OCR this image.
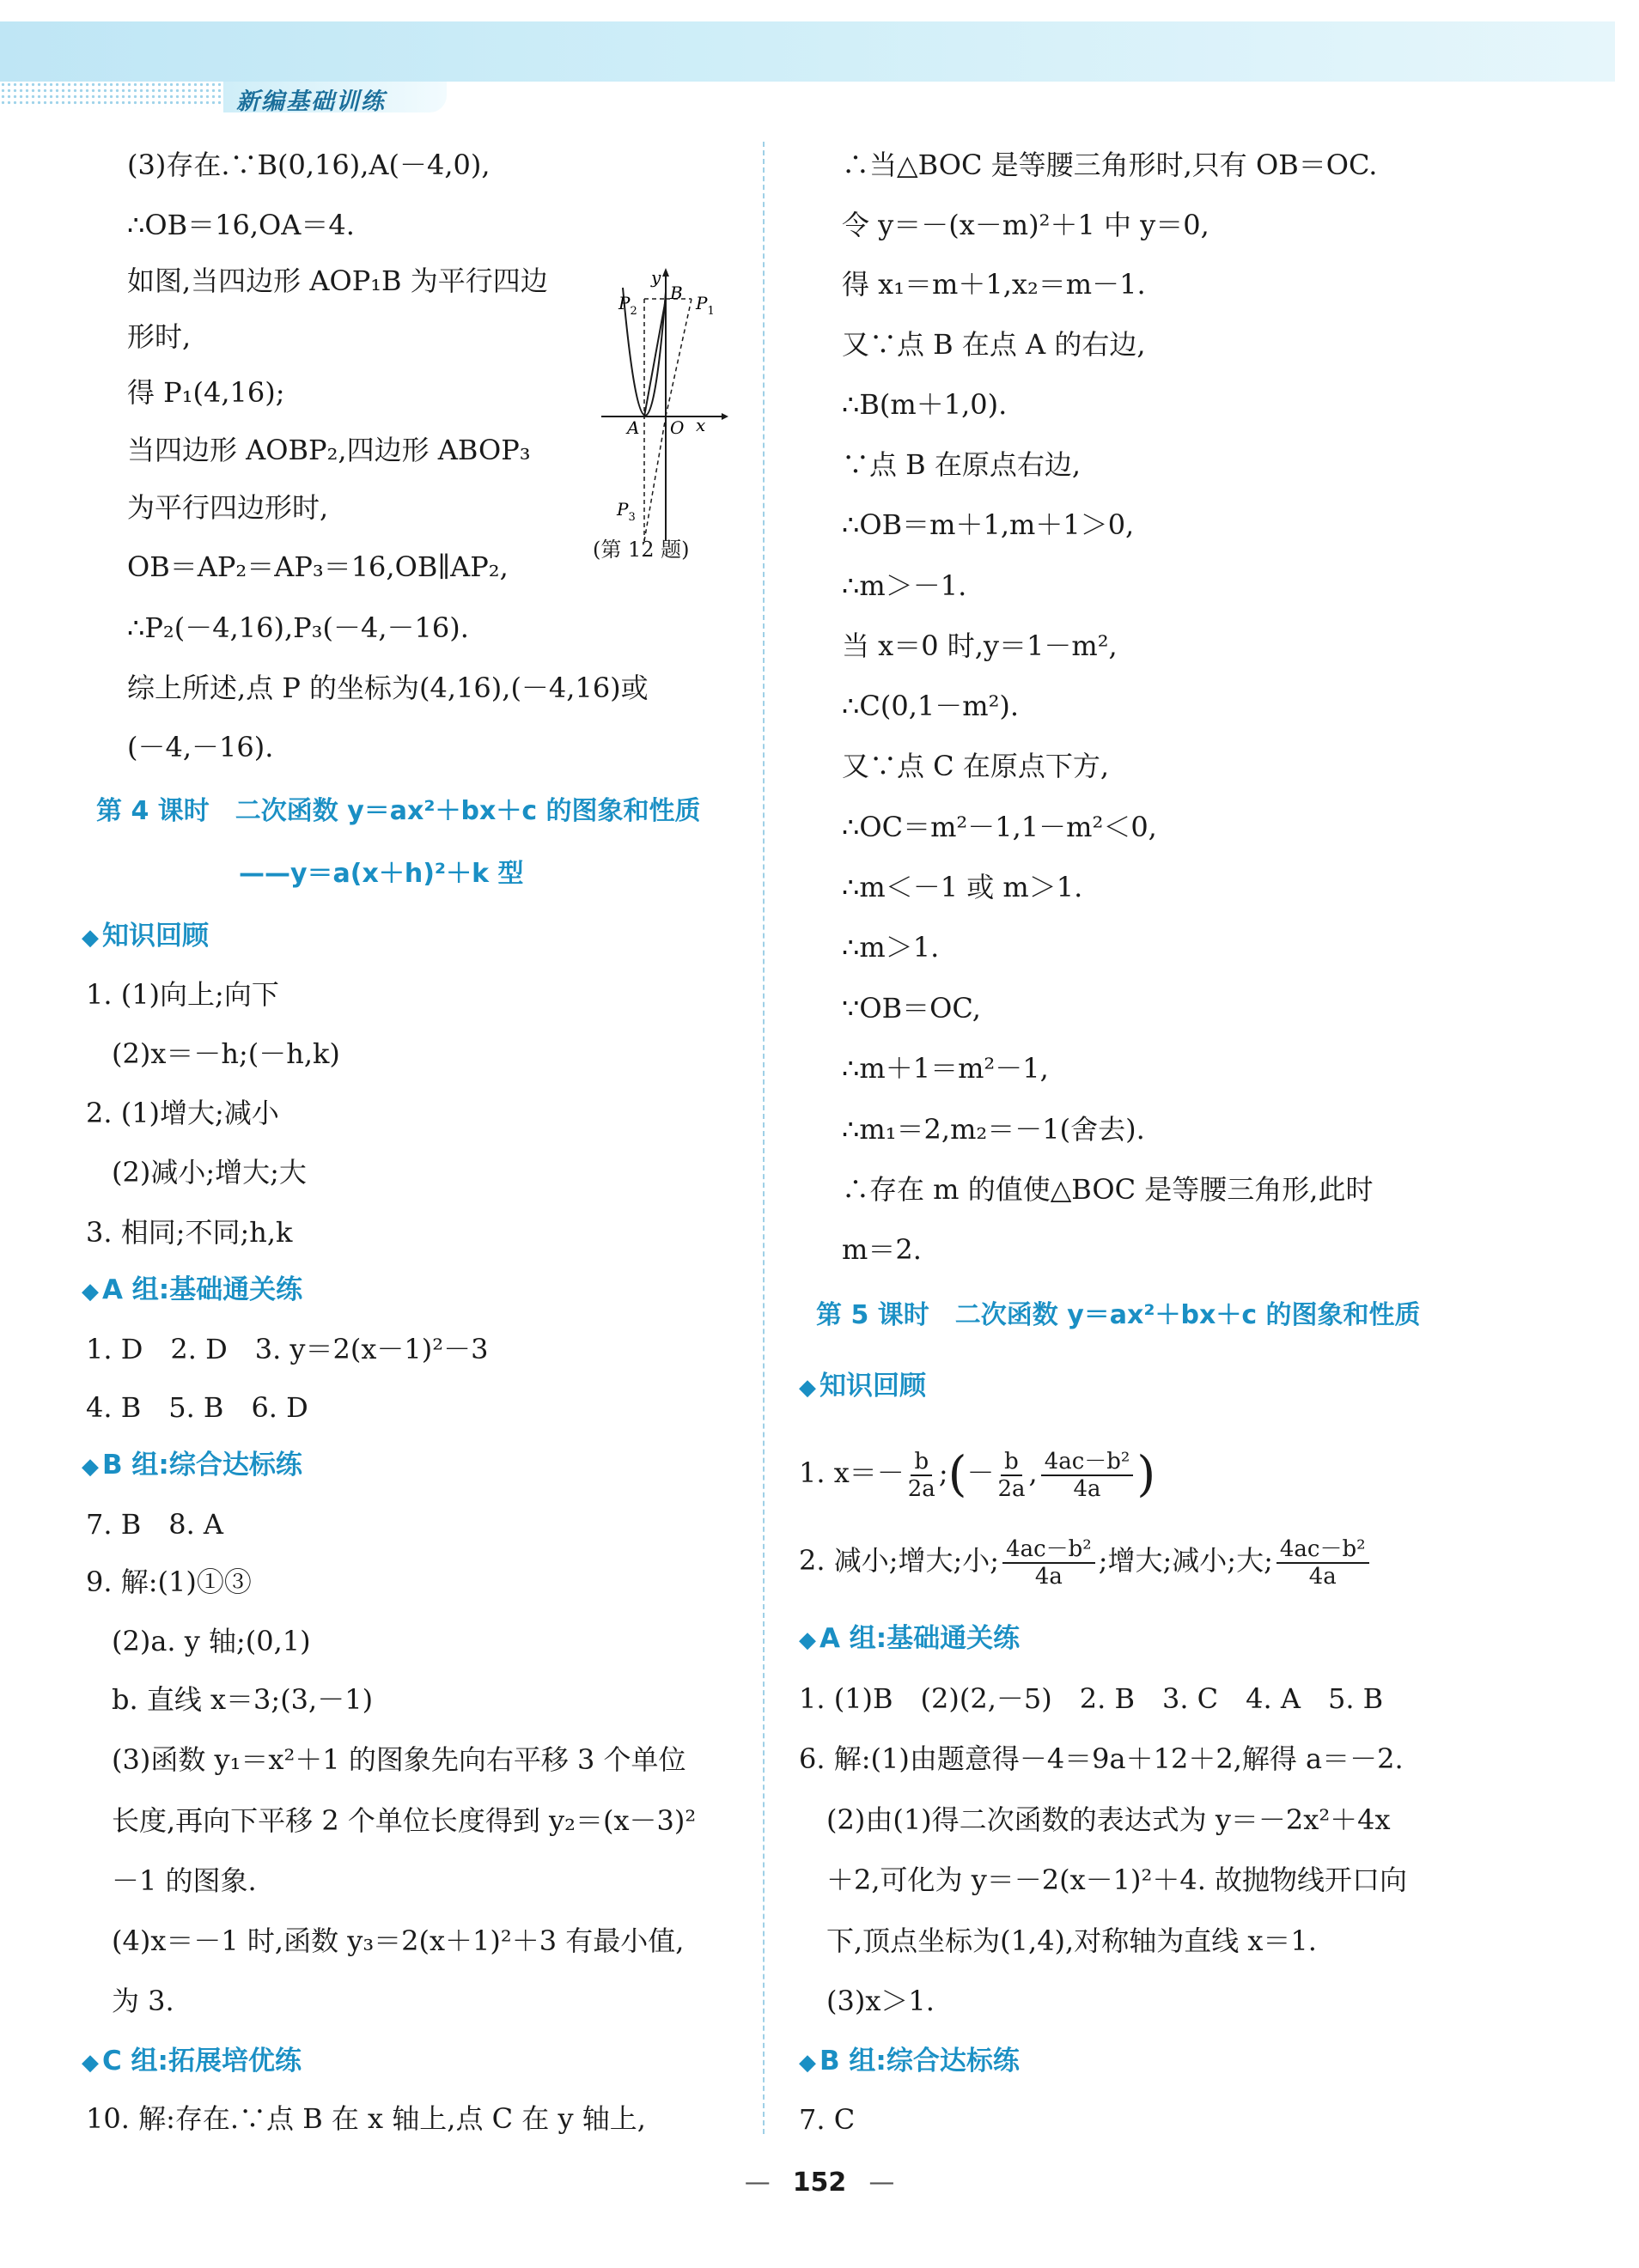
新编基础训练
(3)存在.∵B(0,16),A(－4,0),
∴OB＝16,OA＝4.
如图,当四边形 AOP₁B 为平行四边
形时,
得 P₁(4,16);
当四边形 AOBP₂,四边形 ABOP₃
为平行四边形时,
OB＝AP₂＝AP₃＝16,OB∥AP₂,
∴P₂(－4,16),P₃(－4,－16).
综上所述,点 P 的坐标为(4,16),(－4,16)或
(－4,－16).
y
B $P_1$
$P_2$
A O x
$P_3$
(第 12 题)
第 4 课时　二次函数 y＝ax²＋bx＋c 的图象和性质
——y＝a(x＋h)²＋k 型
◆ 知识回顾
1. (1)向上;向下
(2)x＝－h;(－h,k)
2. (1)增大;减小
(2)减小;增大;大
3. 相同;不同;h,k
◆ A 组:基础通关练
1. D　2. D　3. y＝2(x－1)²－3
4. B　5. B　6. D
◆ B 组:综合达标练
7. B　8. A
9. 解:(1)①③
(2)a. y 轴;(0,1)
b. 直线 x＝3;(3,－1)
(3)函数 y₁＝x²＋1 的图象先向右平移 3 个单位
长度,再向下平移 2 个单位长度得到 y₂＝(x－3)²
－1 的图象.
(4)x＝－1 时,函数 y₃＝2(x＋1)²＋3 有最小值,
为 3.
◆ C 组:拓展培优练
10. 解:存在.∵点 B 在 x 轴上,点 C 在 y 轴上,
∴当△BOC 是等腰三角形时,只有 OB＝OC.
令 y＝－(x－m)²＋1 中 y＝0,
得 x₁＝m＋1,x₂＝m－1.
又∵点 B 在点 A 的右边,
∴B(m＋1,0).
∵点 B 在原点右边,
∴OB＝m＋1,m＋1＞0,
∴m＞－1.
当 x＝0 时,y＝1－m²,
∴C(0,1－m²).
又∵点 C 在原点下方,
∴OC＝m²－1,1－m²＜0,
∴m＜－1 或 m＞1.
∴m＞1.
∵OB＝OC,
∴m＋1＝m²－1,
∴m₁＝2,m₂＝－1(舍去).
∴存在 m 的值使△BOC 是等腰三角形,此时
m＝2.
第 5 课时　二次函数 y＝ax²＋bx＋c 的图象和性质
◆ 知识回顾
1. $x=- \frac{b}{2a}$ ;(－ $\frac{b}{2a}$ , $\frac{\text{4ac－b²}}{4a}$ )
2. 减小;增大;小; $\frac{\text{4ac－b²}}{4a}$ ;增大;减小;大; $\frac{\text{4ac－b²}}{4a}$
◆ A 组:基础通关练
1. (1)B　(2)(2,－5)　2. B　3. C　4. A　5. B
6. 解:(1)由题意得－4＝9a＋12＋2,解得 a＝－2.
(2)由(1)得二次函数的表达式为 y＝－2x²＋4x
＋2,可化为 y＝－2(x－1)²＋4. 故抛物线开口向
下,顶点坐标为(1,4),对称轴为直线 x＝1.
(3)x＞1.
◆ B 组:综合达标练
7. C
— 152 —
